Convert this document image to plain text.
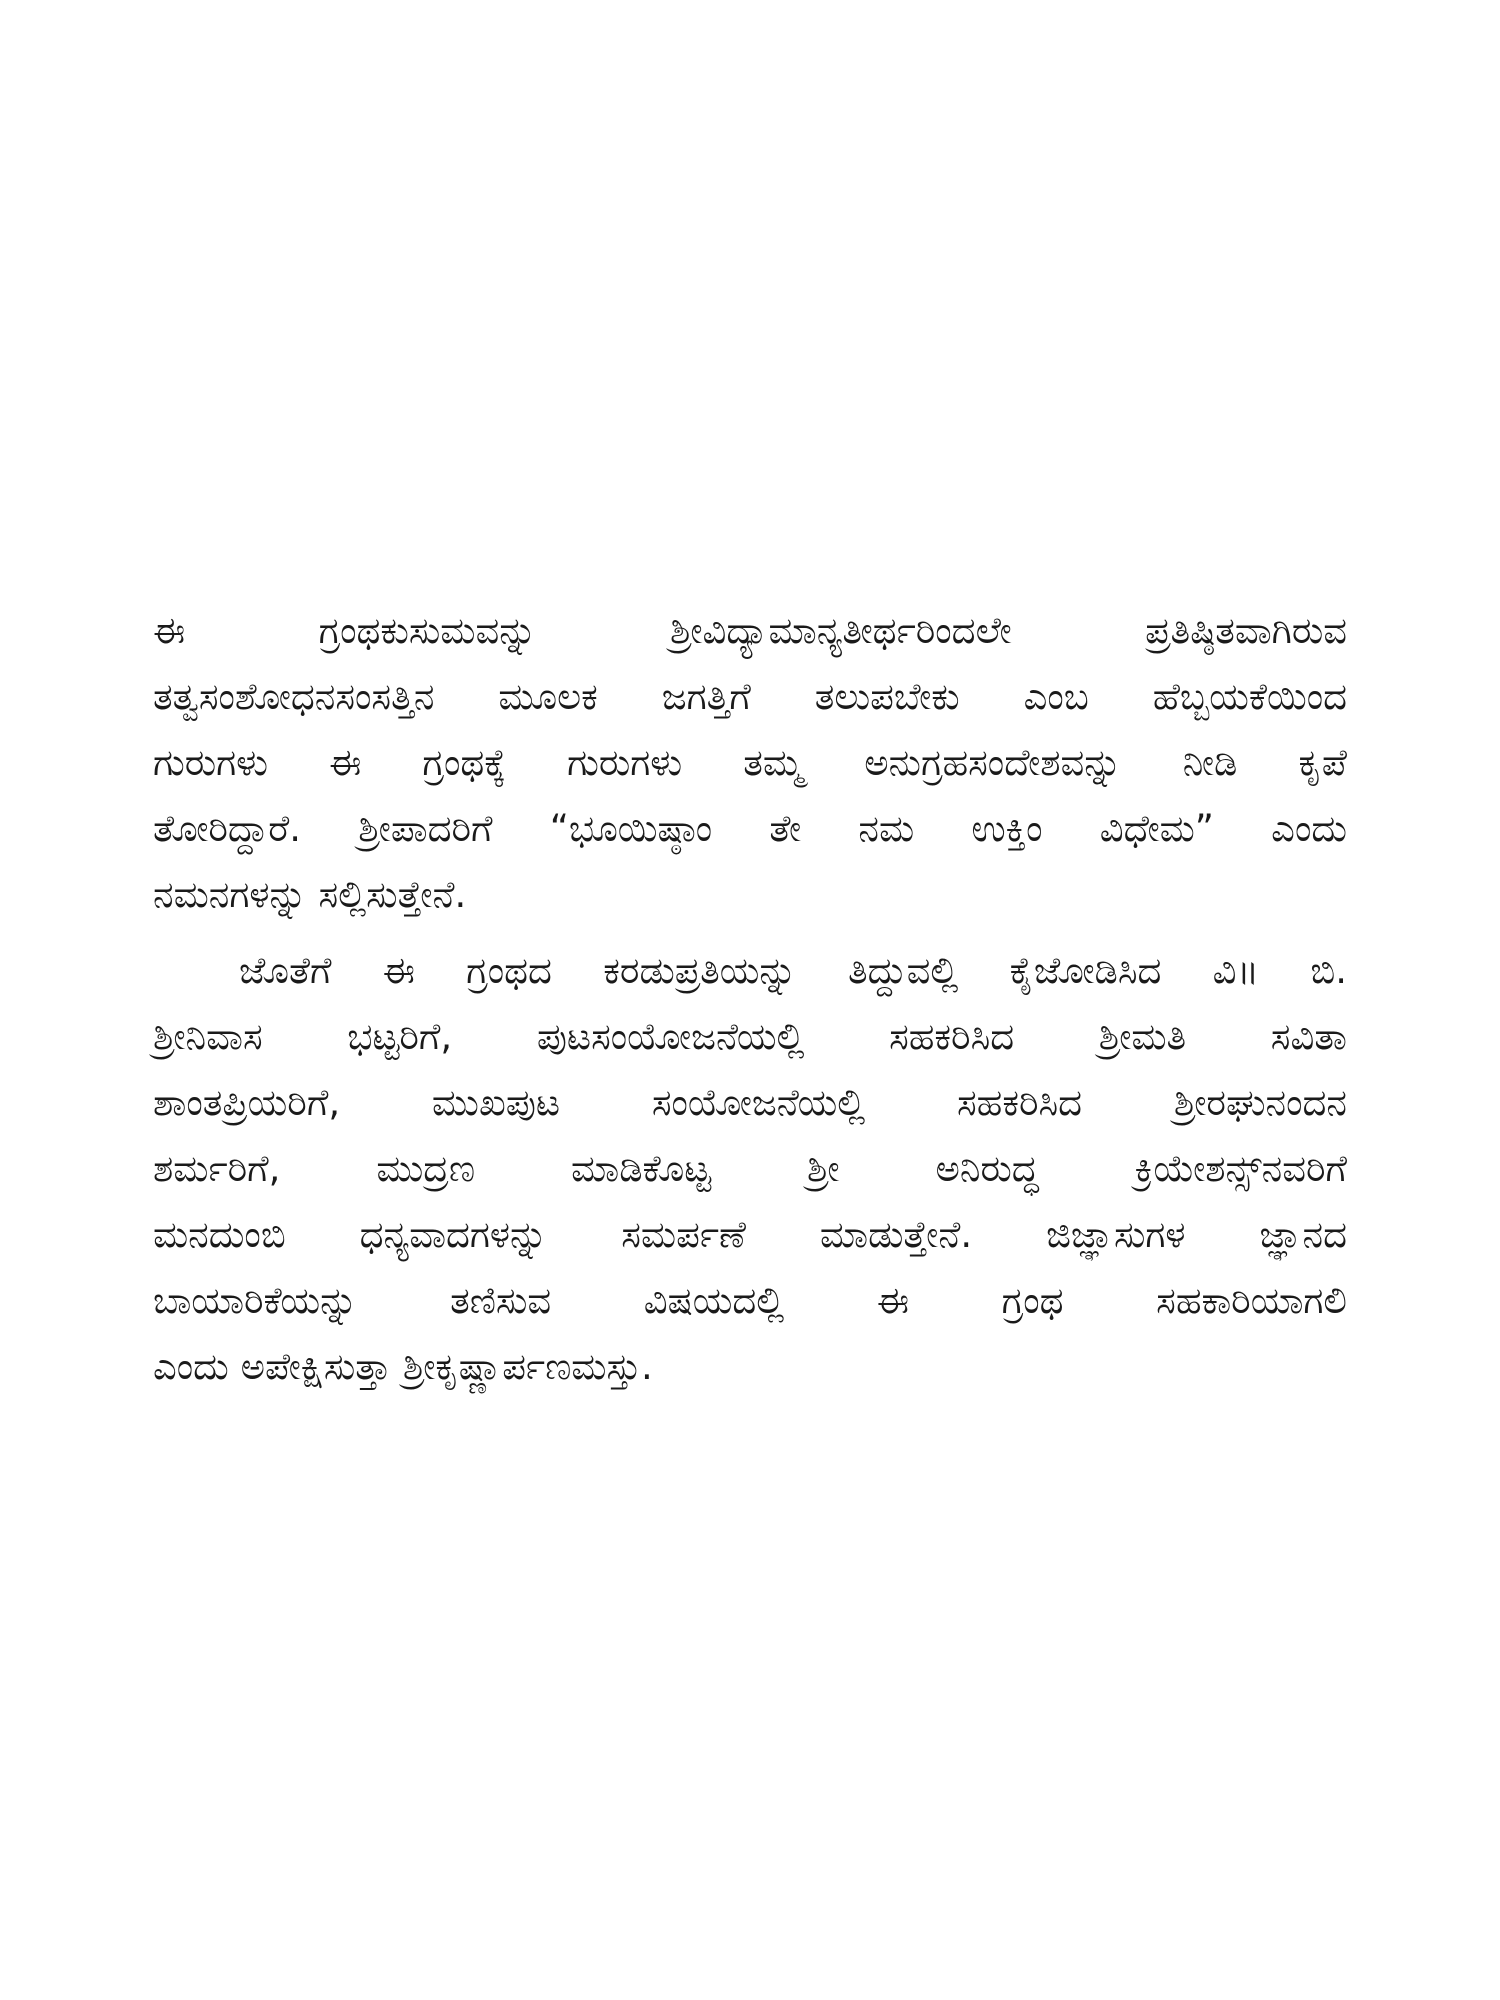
ಈ ಗ್ರಂಥಕುಸುಮವನ್ನು ಶ್ರೀವಿದ್ಯಾಮಾನ್ಯತೀರ್ಥರಿಂದಲೇ ಪ್ರತಿಷ್ಠಿತವಾಗಿರುವ
ತತ್ವಸಂಶೋಧನಸಂಸತ್ತಿನ ಮೂಲಕ ಜಗತ್ತಿಗೆ ತಲುಪಬೇಕು ಎಂಬ ಹೆಬ್ಬಯಕೆಯಿಂದ
ಗುರುಗಳು ಈ ಗ್ರಂಥಕ್ಕೆ ಗುರುಗಳು ತಮ್ಮ ಅನುಗ್ರಹಸಂದೇಶವನ್ನು ನೀಡಿ ಕೃಪೆ
ತೋರಿದ್ದಾರೆ. ಶ್ರೀಪಾದರಿಗೆ “ಭೂಯಿಷ್ಠಾಂ ತೇ ನಮ ಉಕ್ತಿಂ ವಿಧೇಮ” ಎಂದು
ನಮನಗಳನ್ನು ಸಲ್ಲಿಸುತ್ತೇನೆ.
ಜೊತೆಗೆ ಈ ಗ್ರಂಥದ ಕರಡುಪ್ರತಿಯನ್ನು ತಿದ್ದುವಲ್ಲಿ ಕೈಜೋಡಿಸಿದ ವಿ॥ ಬಿ.
ಶ್ರೀನಿವಾಸ ಭಟ್ಟರಿಗೆ, ಪುಟಸಂಯೋಜನೆಯಲ್ಲಿ ಸಹಕರಿಸಿದ ಶ್ರೀಮತಿ ಸವಿತಾ
ಶಾಂತಪ್ರಿಯರಿಗೆ, ಮುಖಪುಟ ಸಂಯೋಜನೆಯಲ್ಲಿ ಸಹಕರಿಸಿದ ಶ್ರೀರಘುನಂದನ
ಶರ್ಮರಿಗೆ, ಮುದ್ರಣ ಮಾಡಿಕೊಟ್ಟ ಶ್ರೀ ಅನಿರುದ್ಧ ಕ್ರಿಯೇಶನ್ಸ್‌ನವರಿಗೆ
ಮನದುಂಬಿ ಧನ್ಯವಾದಗಳನ್ನು ಸಮರ್ಪಣೆ ಮಾಡುತ್ತೇನೆ. ಜಿಜ್ಞಾಸುಗಳ ಜ್ಞಾನದ
ಬಾಯಾರಿಕೆಯನ್ನು ತಣಿಸುವ ವಿಷಯದಲ್ಲಿ ಈ ಗ್ರಂಥ ಸಹಕಾರಿಯಾಗಲಿ
ಎಂದು ಅಪೇಕ್ಷಿಸುತ್ತಾ ಶ್ರೀಕೃಷ್ಣಾರ್ಪಣಮಸ್ತು.
